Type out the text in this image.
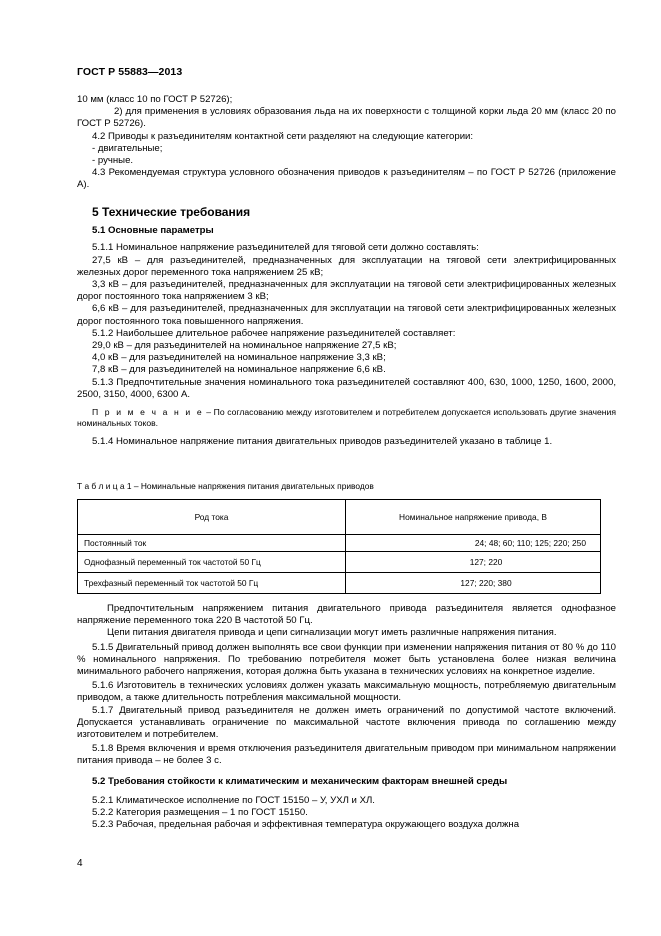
ГОСТ Р 55883—2013

10 мм (класс 10 по ГОСТ Р 52726);

2) для применения в условиях образования льда на их поверхности с толщиной корки льда 20 мм (класс 20 по ГОСТ Р 52726).

4.2 Приводы к разъединителям контактной сети разделяют на следующие категории:

- двигательные;

- ручные.

4.3 Рекомендуемая структура условного обозначения приводов к разъединителям – по ГОСТ Р 52726 (приложение А).

5 Технические требования

5.1 Основные параметры

5.1.1 Номинальное напряжение разъединителей для тяговой сети должно составлять:

27,5 кВ – для разъединителей, предназначенных для эксплуатации на тяговой сети электрифицированных железных дорог переменного тока напряжением 25 кВ;

3,3 кВ – для разъединителей, предназначенных для эксплуатации на тяговой сети электрифицированных железных дорог постоянного тока напряжением 3 кВ;

6,6 кВ – для разъединителей, предназначенных для эксплуатации на тяговой сети электрифицированных железных дорог постоянного тока повышенного напряжения.

5.1.2 Наибольшее длительное рабочее напряжение разъединителей составляет:

29,0 кВ – для разъединителей на номинальное напряжение 27,5 кВ;

4,0 кВ – для разъединителей на номинальное напряжение 3,3 кВ;

7,8 кВ – для разъединителей на номинальное напряжение 6,6 кВ.

5.1.3 Предпочтительные значения номинального тока разъединителей составляют 400, 630, 1000, 1250, 1600, 2000, 2500, 3150, 4000, 6300 А.

П р и м е ч а н и е – По согласованию между изготовителем и потребителем допускается использовать другие значения номинальных токов.

5.1.4 Номинальное напряжение питания двигательных приводов разъединителей указано в таблице 1.

Т а б л и ц а 1 – Номинальные напряжения питания двигательных приводов

Род тока	Номинальное напряжение привода, В
Постоянный ток	24; 48; 60; 110; 125; 220; 250
Однофазный переменный ток частотой 50 Гц	127; 220
Трехфазный переменный ток частотой 50 Гц	127; 220; 380

Предпочтительным напряжением питания двигательного привода разъединителя является однофазное напряжение переменного тока 220 В частотой 50 Гц.

Цепи питания двигателя привода и цепи сигнализации могут иметь различные напряжения питания.

5.1.5 Двигательный привод должен выполнять все свои функции при изменении напряжения питания от 80 % до 110 % номинального напряжения. По требованию потребителя может быть установлена более низкая величина минимального рабочего напряжения, которая должна быть указана в технических условиях на конкретное изделие.

5.1.6 Изготовитель в технических условиях должен указать максимальную мощность, потребляемую двигательным приводом, а также длительность потребления максимальной мощности.

5.1.7 Двигательный привод разъединителя не должен иметь ограничений по допустимой частоте включений. Допускается устанавливать ограничение по максимальной частоте включения привода по соглашению между изготовителем и потребителем.

5.1.8 Время включения и время отключения разъединителя двигательным приводом при минимальном напряжении питания привода – не более 3 с.

5.2 Требования стойкости к климатическим и механическим факторам внешней среды

5.2.1 Климатическое исполнение по ГОСТ 15150 – У, УХЛ и ХЛ.

5.2.2 Категория размещения – 1 по ГОСТ 15150.

5.2.3 Рабочая, предельная рабочая и эффективная температура окружающего воздуха должна

4
